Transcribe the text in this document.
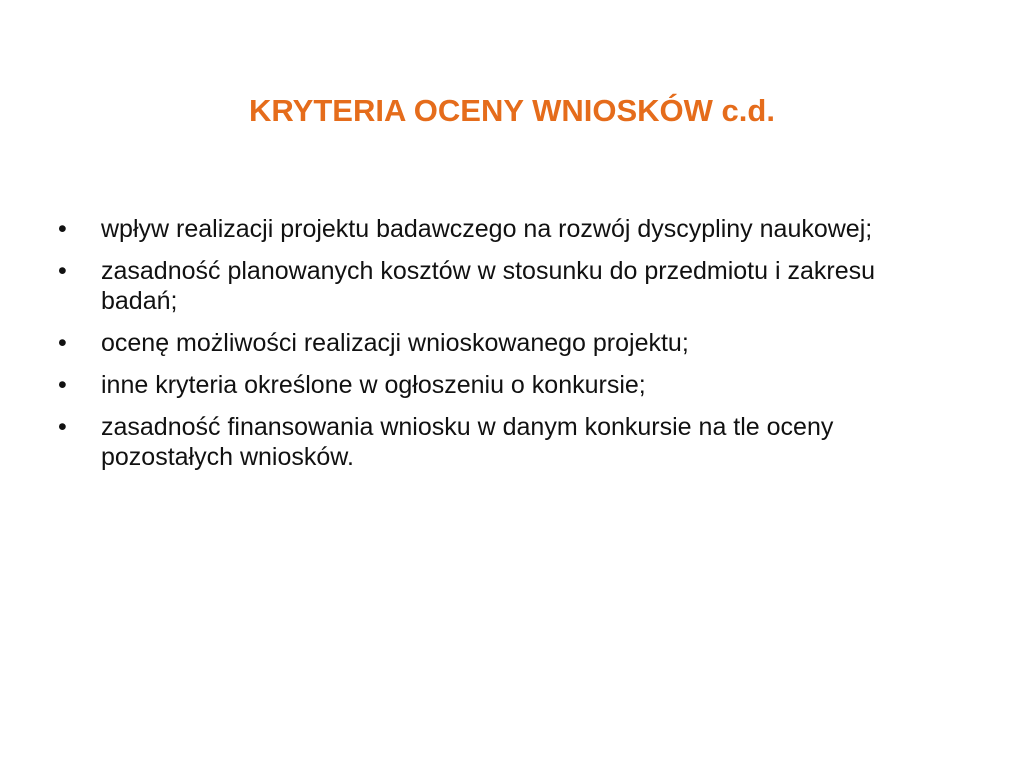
KRYTERIA OCENY WNIOSKÓW c.d.
•	wpływ realizacji projektu badawczego na rozwój dyscypliny naukowej;
•	zasadność planowanych kosztów w stosunku do przedmiotu i zakresu badań;
•	ocenę możliwości realizacji wnioskowanego projektu;
•	inne kryteria określone w ogłoszeniu o konkursie;
•	zasadność finansowania wniosku w danym konkursie na tle oceny pozostałych wniosków.
